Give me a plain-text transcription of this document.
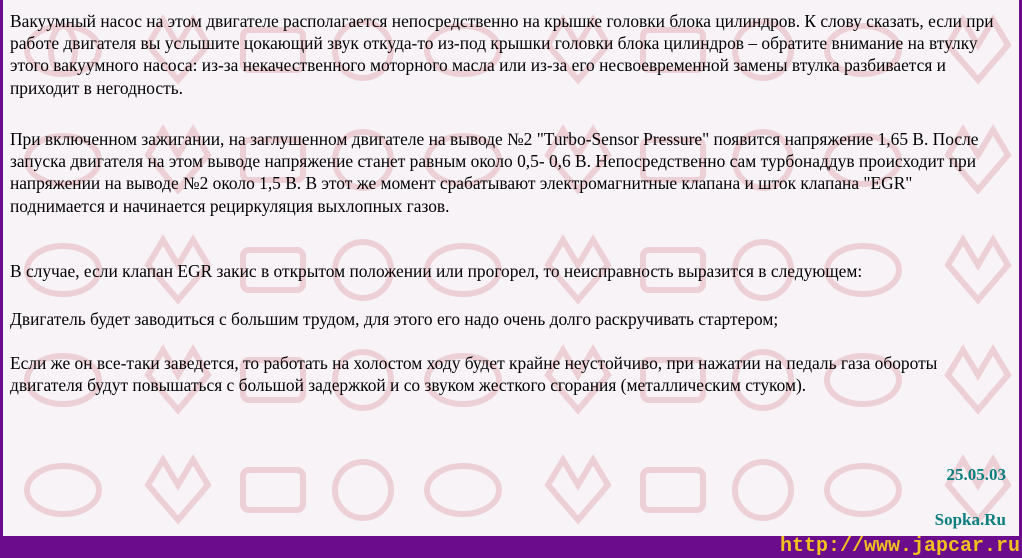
Вакуумный насос на этом двигателе располагается непосредственно на крышке головки блока цилиндров. К слову сказать, если при работе двигателя вы услышите цокающий звук откуда-то из-под крышки головки блока цилиндров – обратите внимание на втулку этого вакуумного насоса: из-за некачественного моторного масла или из-за его несвоевременной замены втулка разбивается и приходит в негодность.

При включенном зажигании, на заглушенном двигателе на выводе №2 "Turbo-Sensor Pressure" появится напряжение 1,65 В. После запуска двигателя на этом выводе напряжение станет равным около 0,5- 0,6 В. Непосредственно сам турбонаддув происходит при напряжении на выводе №2 около 1,5 В. В этот же момент срабатывают электромагнитные клапана и шток клапана "EGR" поднимается и начинается рециркуляция выхлопных газов.

В случае, если клапан EGR закис в открытом положении или прогорел, то неисправность выразится в следующем:

Двигатель будет заводиться с большим трудом, для этого его надо очень долго раскручивать стартером;

Если же он все-таки заведется, то работать на холостом ходу будет крайне неустойчиво, при нажатии на педаль газа обороты двигателя будут повышаться с большой задержкой и со звуком жесткого сгорания (металлическим стуком).

25.05.03
Sopka.Ru
http://www.japcar.ru
